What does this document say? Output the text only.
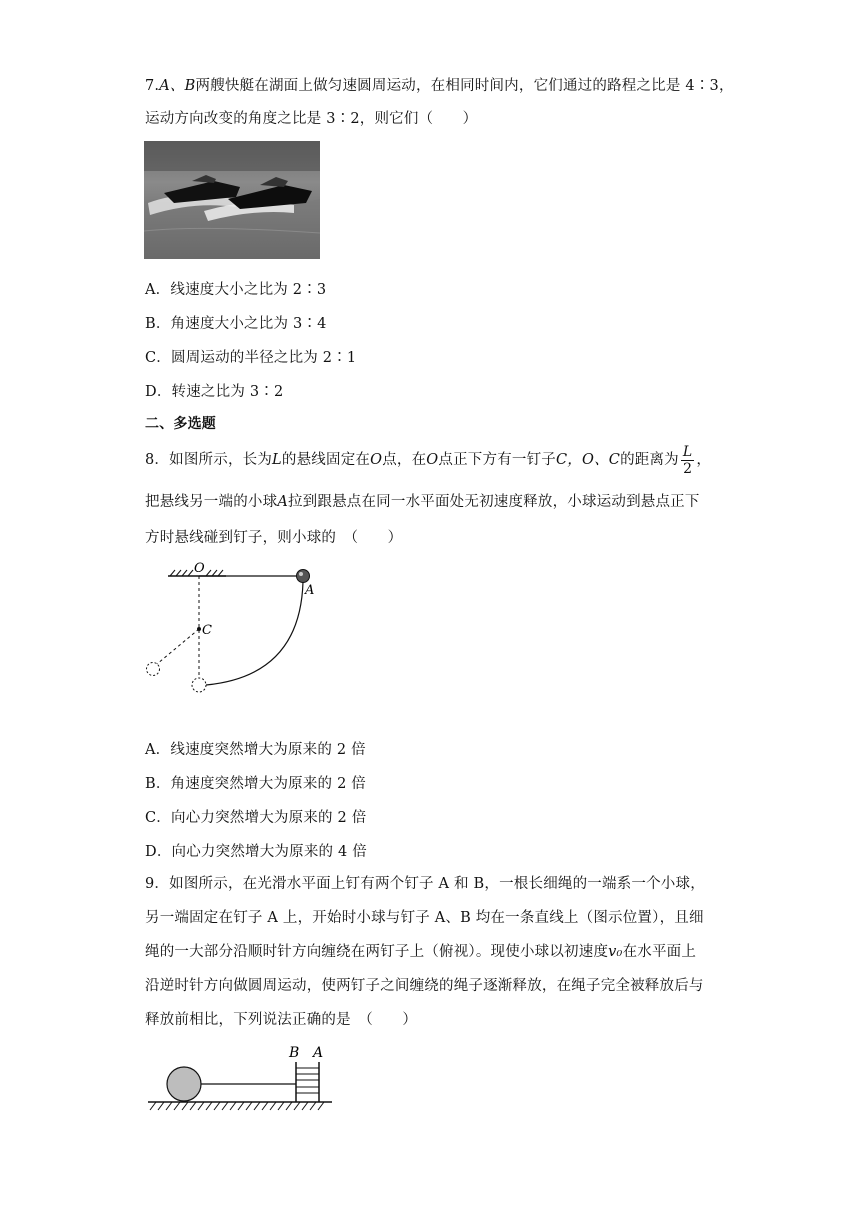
7.A、B两艘快艇在湖面上做匀速圆周运动，在相同时间内，它们通过的路程之比是 4∶3，
运动方向改变的角度之比是 3∶2，则它们（　　）
A．线速度大小之比为 2∶3
B．角速度大小之比为 3∶4
C．圆周运动的半径之比为 2∶1
D．转速之比为 3∶2
二、多选题
8．如图所示，长为L的悬线固定在O点，在O点正下方有一钉子C，O、C的距离为 $\frac{L}{2}$ ，
把悬线另一端的小球A拉到跟悬点在同一水平面处无初速度释放，小球运动到悬点正下
方时悬线碰到钉子，则小球的　（　　）
O
C
A
A．线速度突然增大为原来的 2 倍
B．角速度突然增大为原来的 2 倍
C．向心力突然增大为原来的 2 倍
D．向心力突然增大为原来的 4 倍
9．如图所示，在光滑水平面上钉有两个钉子 A 和 B，一根长细绳的一端系一个小球，
另一端固定在钉子 A 上，开始时小球与钉子 A、B 均在一条直线上（图示位置），且细
绳的一大部分沿顺时针方向缠绕在两钉子上（俯视）。现使小球以初速度v₀在水平面上
沿逆时针方向做圆周运动，使两钉子之间缠绕的绳子逐渐释放，在绳子完全被释放后与
释放前相比，下列说法正确的是　（　　）
B A
